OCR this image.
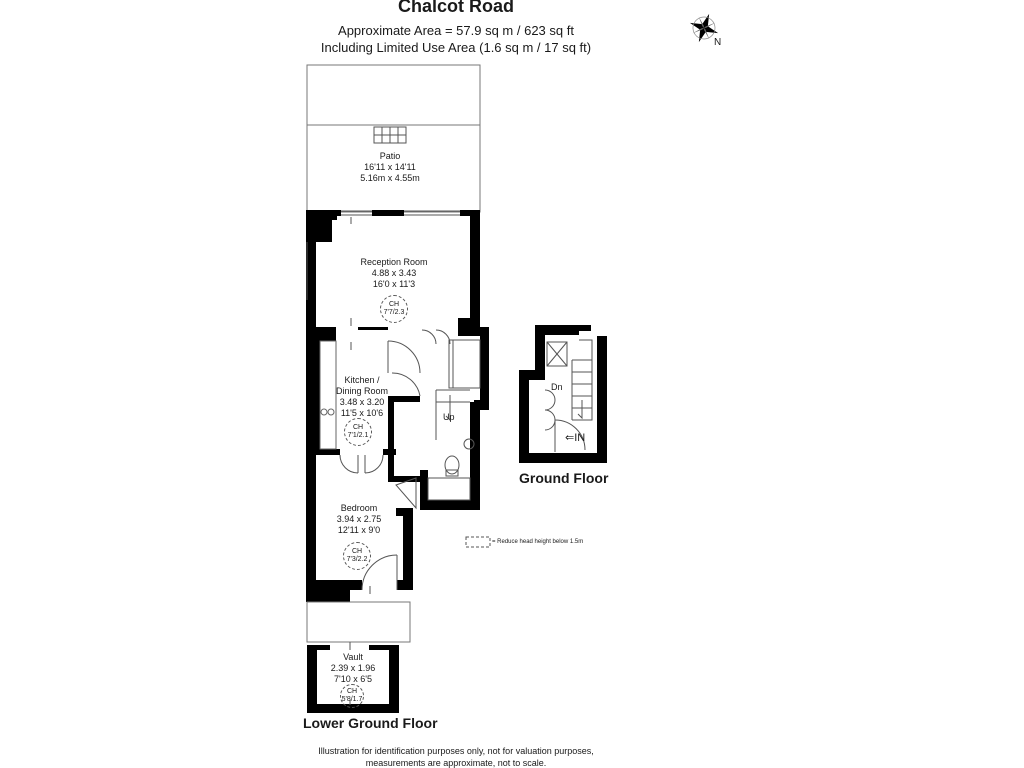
Chalcot Road
Approximate Area = 57.9 sq m / 623 sq ft
Including Limited Use Area (1.6 sq m / 17 sq ft)	N
Patio
16'11 x 14'11
5.16m x 4.55m
Reception Room
4.88 x 3.43
16'0 x 11'3
CH
7'7/2.3
Kitchen /
Dining Room
3.48 x 3.20
11'5 x 10'6
CH
7'1/2.1
Up
Bedroom
3.94 x 2.75
12'11 x 9'0
CH
7'3/2.2
Vault
2.39 x 1.96
7'10 x 6'5
CH
5'8/1.7
Dn
⇐IN
Ground Floor
= Reduce head height below 1.5m
Lower Ground Floor
Illustration for identification purposes only, not for valuation purposes,
measurements are approximate, not to scale.
